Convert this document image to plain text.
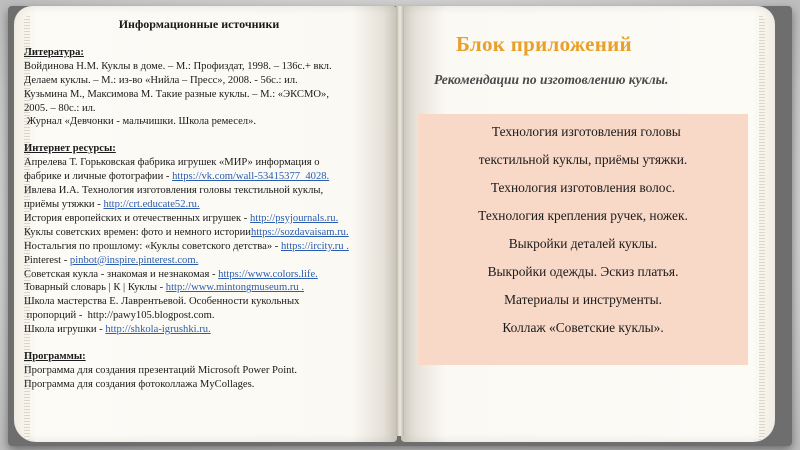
Информационные источники
Литература:
Войдинова Н.М. Куклы в доме. – М.: Профиздат, 1998. – 136с.+ вкл.
Делаем куклы. – М.: из-во «Нийла – Пресс», 2008. - 56с.: ил.
Кузьмина М., Максимова М. Такие разные куклы. – М.: «ЭКСМО»,
2005. – 80с.: ил.
Журнал «Девчонки - мальчишки. Школа ремесел».
Интернет ресурсы:
Апрелева Т. Горьковская фабрика игрушек «МИР» информация о
фабрике и личные фотографии - https://vk.com/wall-53415377_4028.
Ивлева И.А. Технология изготовления головы текстильной куклы,
приёмы утяжки - http://crt.educate52.ru.
История европейских и отечественных игрушек - http://psyjournals.ru.
Куклы советских времен: фото и немного историиhttps://sozdavaisam.ru.
Ностальгия по прошлому: «Куклы советского детства» - https://ircity.ru .
Pinterest - pinbot@inspire.pinterest.com.
Советская кукла - знакомая и незнакомая - https://www.colors.life.
Товарный словарь | К | Куклы - http://www.mintongmuseum.ru .
Школа мастерства Е. Лаврентьевой. Особенности кукольных
пропорций -  http://pawy105.blogpost.com.
Школа игрушки - http://shkola-igrushki.ru.
Программы:
Программа для создания презентаций Microsoft Power Point.
Программа для создания фотоколлажа MyCollages.
Блок приложений
Рекомендации по изготовлению куклы.
Технология изготовления головы
текстильной куклы, приёмы утяжки.
Технология изготовления волос.
Технология крепления ручек, ножек.
Выкройки деталей куклы.
Выкройки одежды. Эскиз платья.
Материалы и инструменты.
Коллаж «Советские куклы».
